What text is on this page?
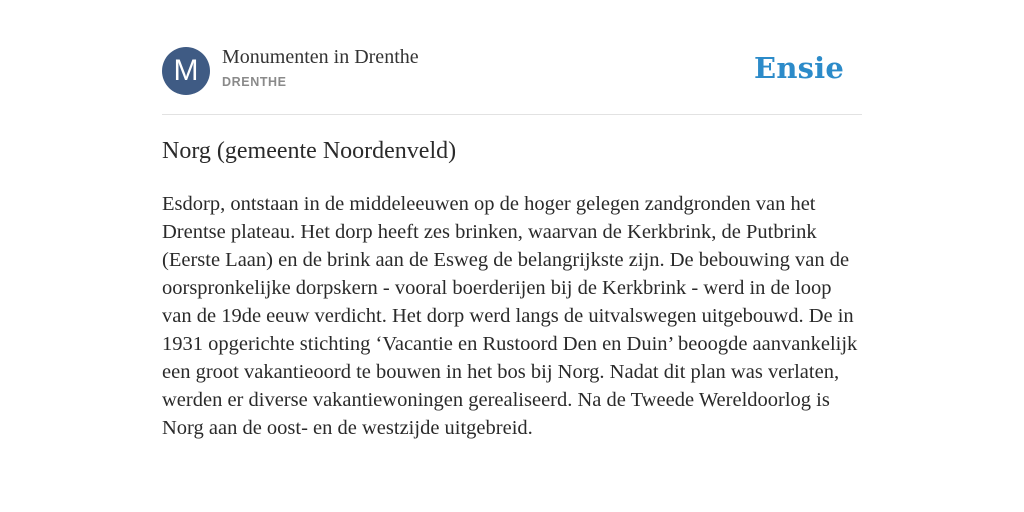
M	Monumenten in Drenthe
DRENTHE	Ensie
Norg (gemeente Noordenveld)

Esdorp, ontstaan in de middeleeuwen op de hoger gelegen zandgronden van het Drentse plateau. Het dorp heeft zes brinken, waarvan de Kerkbrink, de Putbrink (Eerste Laan) en de brink aan de Esweg de belangrijkste zijn. De bebouwing van de oorspronkelijke dorpskern - vooral boerderijen bij de Kerkbrink - werd in de loop van de 19de eeuw verdicht. Het dorp werd langs de uitvalswegen uitgebouwd. De in 1931 opgerichte stichting ‘Vacantie en Rustoord Den en Duin’ beoogde aanvankelijk een groot vakantieoord te bouwen in het bos bij Norg. Nadat dit plan was verlaten, werden er diverse vakantiewoningen gerealiseerd. Na de Tweede Wereldoorlog is Norg aan de oost- en de westzijde uitgebreid.
